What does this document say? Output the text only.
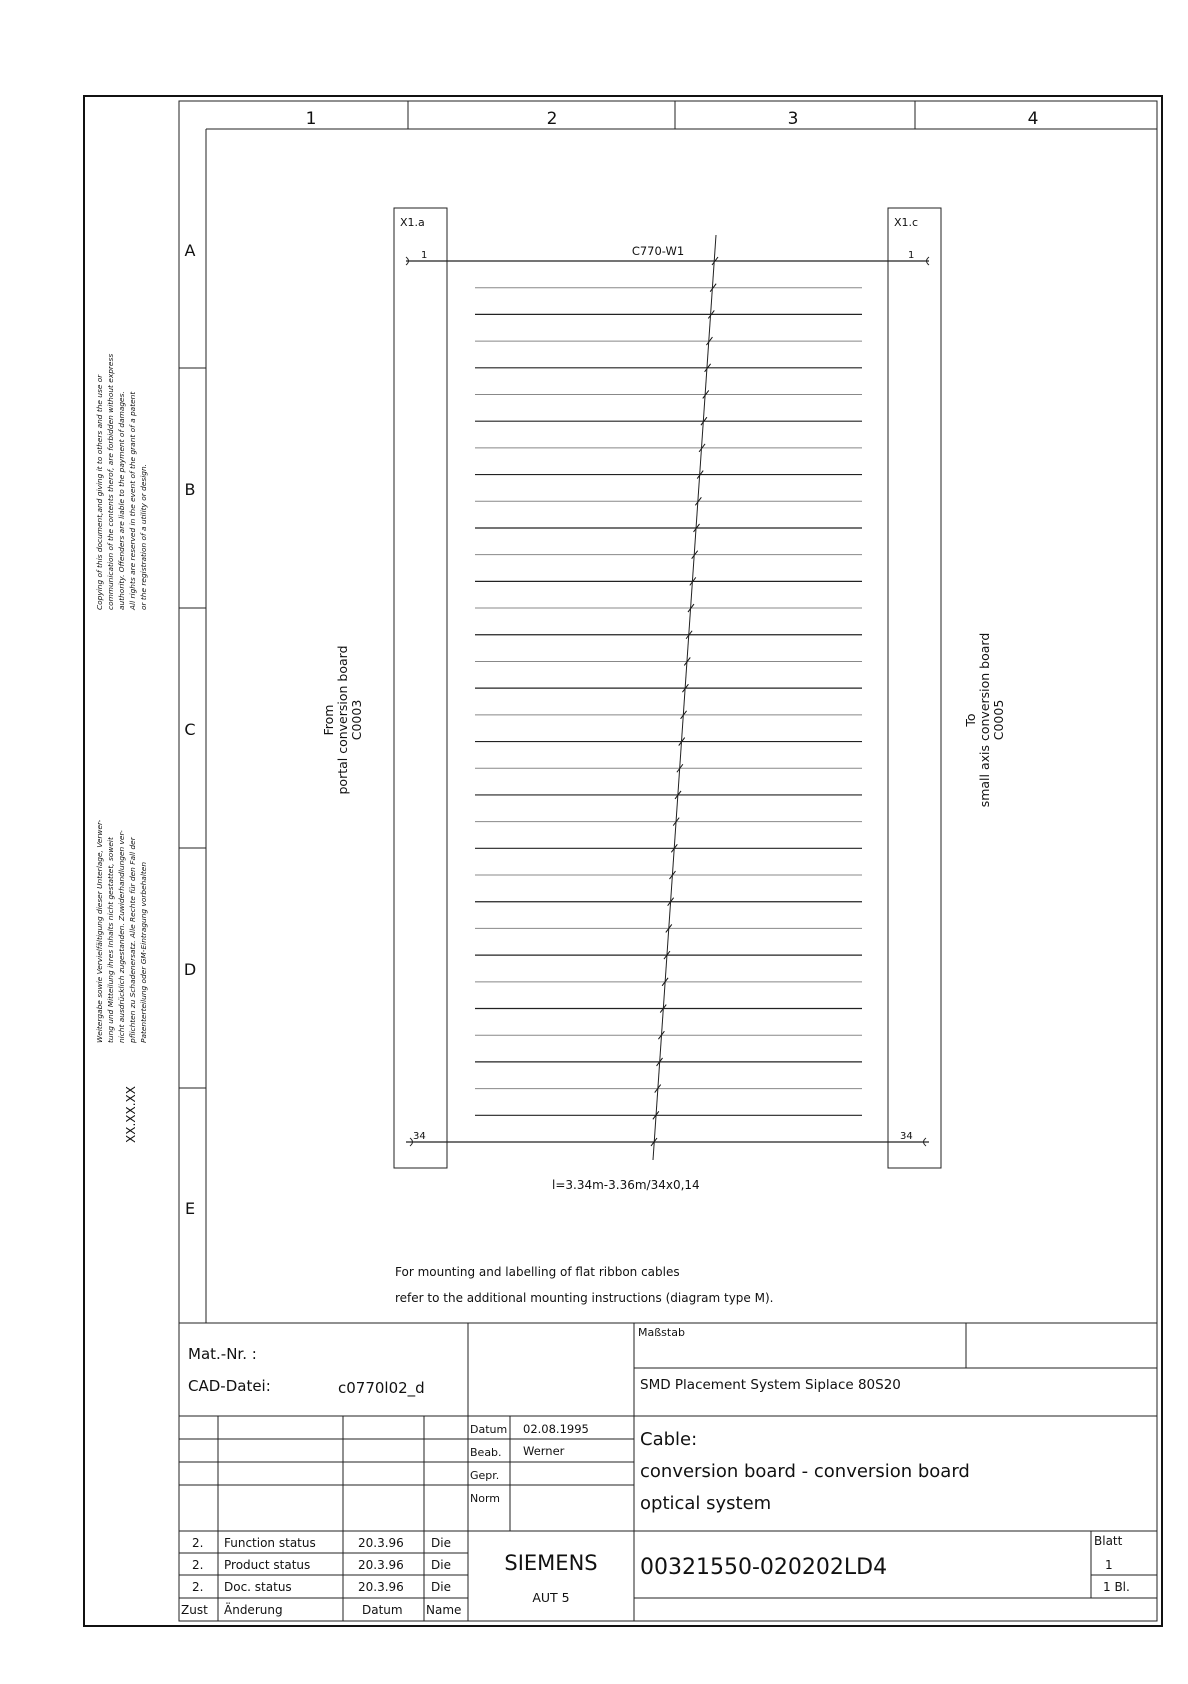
1	2	3	4
A
B
C
D
E
Copying of this document,and giving it to others and the use or communication of the contents therof, are forbidden without express authority. Offenders are liable to the payment of damages. All rights are reserved in the event of the grant of a patent or the registration of a utility or design.
Weitergabe sowie Vervielfältigung dieser Unterlage, Verwer- tung und Mitteilung ihres Inhalts nicht gestattet, soweit nicht ausdrücklich zugestanden. Zuwiderhandlungen ver- pflichten zu Schadenersatz. Alle Rechte für den Fall der Patenterteilung oder GM-Eintragung vorbehalten
XX.XX.XX
X1.a	X1.c
1	1
34	34
C770-W1
From portal conversion board C0003	To small axis conversion board C0005
l=3.34m-3.36m/34x0,14
For mounting and labelling of flat ribbon cables
refer to the additional mounting instructions (diagram type M).
Mat.-Nr. :
CAD-Datei:	c0770l02_d
Maßstab
SMD Placement System Siplace 80S20
Datum 02.08.1995
Beab. Werner
Gepr.
Norm
Cable:
conversion board - conversion board
optical system
SIEMENS
AUT 5
00321550-020202LD4
Blatt
1
1 Bl.
2. Function status	20.3.96 Die
2. Product status	20.3.96 Die
2. Doc. status	20.3.96 Die
Zust Änderung	Datum Name
